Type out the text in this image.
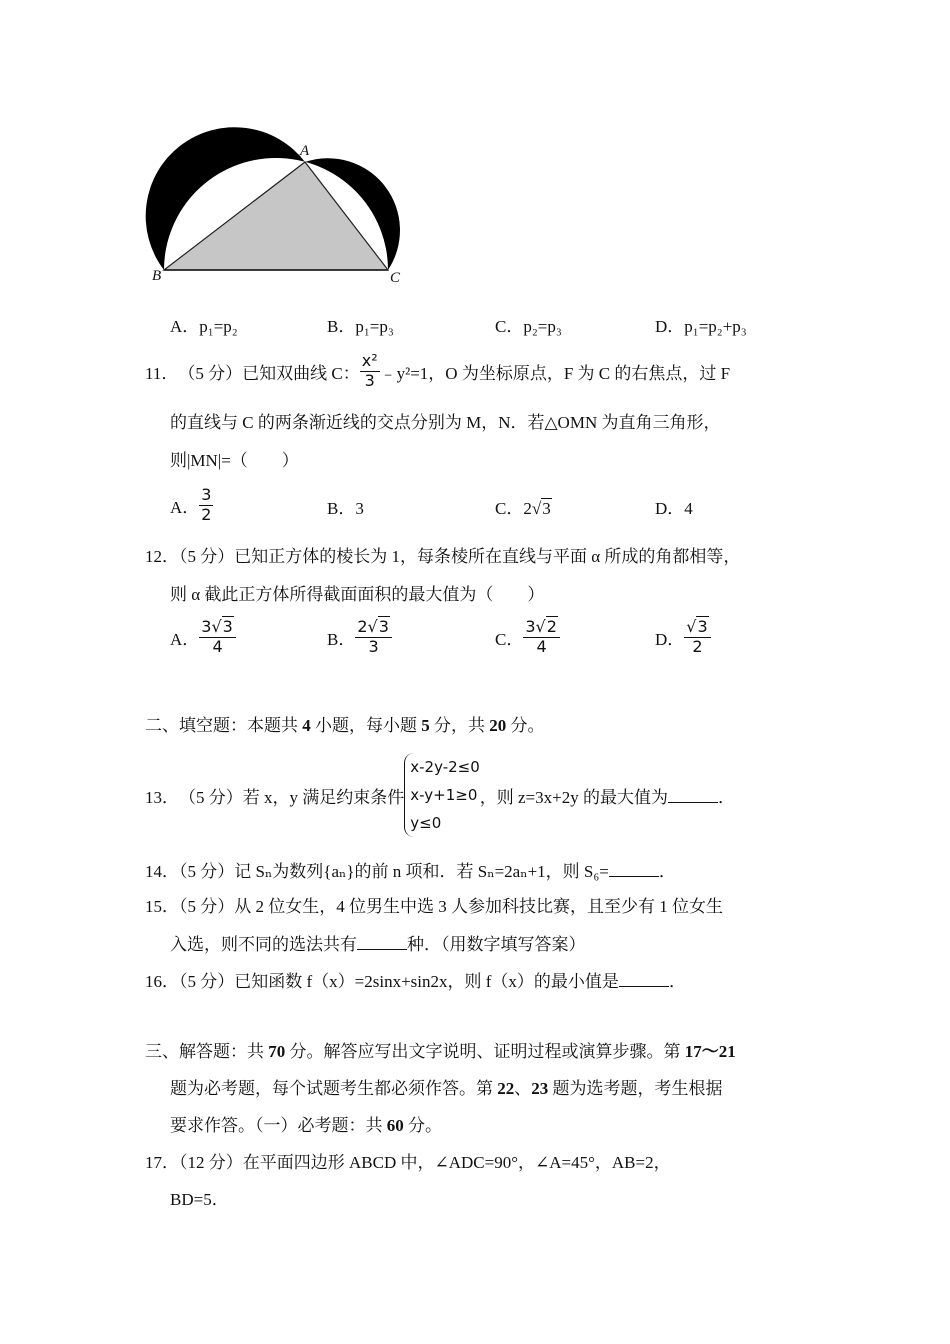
A
B	C
A．p₁=p₂	B．p₁=p₃	C．p₂=p₃	D．p₁=p₂+p₃
11． （5 分）已知双曲线 C：
x²
3 ﹣y²=1，O 为坐标原点，F 为 C 的右焦点，过 F
的直线与 C 的两条渐近线的交点分别为 M，N．若△OMN 为直角三角形，
则|MN|=（　　）
A．
3
2	B．3	C．2√3	D．4
12．（5 分）已知正方体的棱长为 1，每条棱所在直线与平面 α 所成的角都相等，
则 α 截此正方体所得截面面积的最大值为（　　）
A．
3√3
4	B．
2√3
3	C．
3√2
4	D．
√3
2
二、填空题：本题共 4 小题，每小题 5 分，共 20 分。
13． （5 分）若 x，y 满足约束条件
x-2y-2≤0
x-y+1≥0
y≤0
，则 z=3x+2y 的最大值为	．
14．（5 分）记 Sₙ为数列{aₙ}的前 n 项和．若 Sₙ=2aₙ+1，则 S₆=	．
15．（5 分）从 2 位女生，4 位男生中选 3 人参加科技比赛，且至少有 1 位女生
入选，则不同的选法共有	种．（用数字填写答案）
16．（5 分）已知函数 f（x）=2sinx+sin2x，则 f（x）的最小值是	．
三、解答题：共 70 分。解答应写出文字说明、证明过程或演算步骤。第 17～21
题为必考题，每个试题考生都必须作答。第 22、23 题为选考题，考生根据
要求作答。（一）必考题：共 60 分。
17．（12 分）在平面四边形 ABCD 中，∠ADC=90°，∠A=45°，AB=2，
BD=5．
